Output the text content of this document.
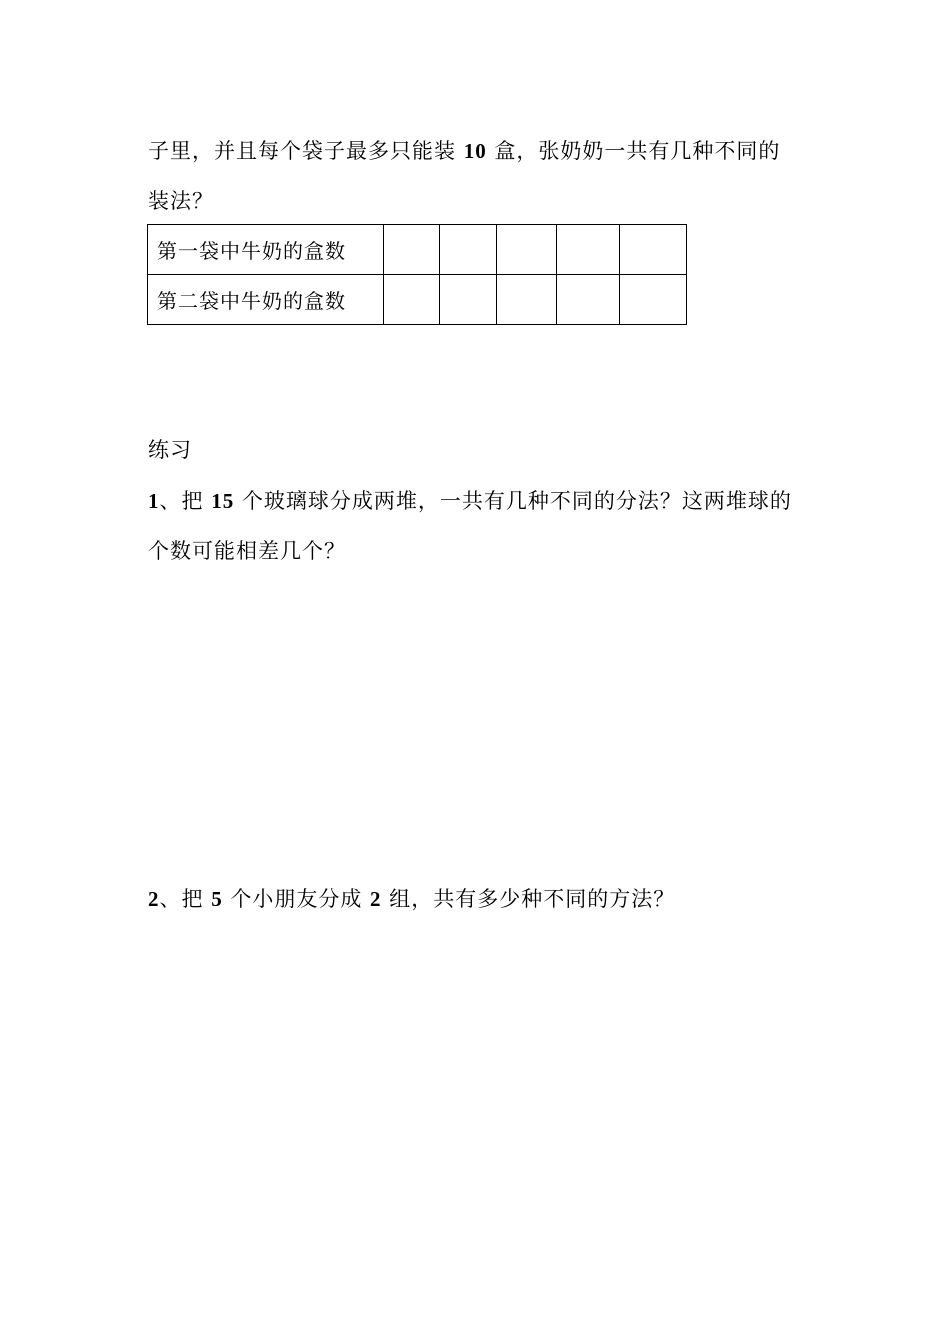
子里，并且每个袋子最多只能装 10 盒，张奶奶一共有几种不同的
装法？
第一袋中牛奶的盒数					
第二袋中牛奶的盒数					
练习
1、把 15 个玻璃球分成两堆，一共有几种不同的分法？这两堆球的
个数可能相差几个？
2、把 5 个小朋友分成 2 组，共有多少种不同的方法？
